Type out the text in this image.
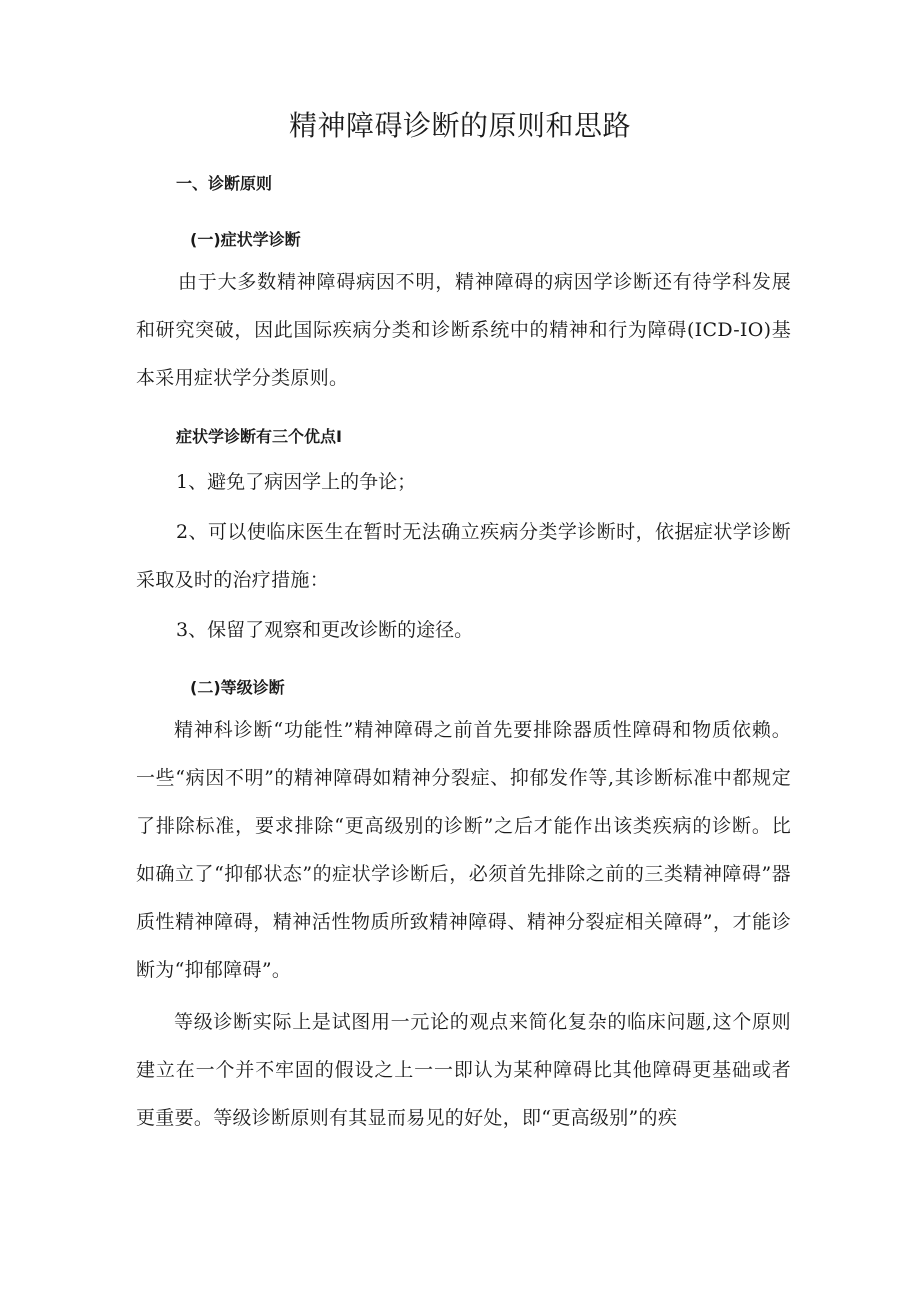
精神障碍诊断的原则和思路
一、诊断原则
(一)症状学诊断

由于大多数精神障碍病因不明，精神障碍的病因学诊断还有待学科发展和研究突破，因此国际疾病分类和诊断系统中的精神和行为障碍(ICD-IO)基本采用症状学分类原则。

症状学诊断有三个优点I
1、避免了病因学上的争论；

2、可以使临床医生在暂时无法确立疾病分类学诊断时，依据症状学诊断采取及时的治疗措施：

3、保留了观察和更改诊断的途径。
(二)等级诊断

精神科诊断“功能性”精神障碍之前首先要排除器质性障碍和物质依赖。一些“病因不明”的精神障碍如精神分裂症、抑郁发作等,其诊断标准中都规定了排除标准，要求排除“更高级别的诊断”之后才能作出该类疾病的诊断。比如确立了“抑郁状态”的症状学诊断后，必须首先排除之前的三类精神障碍”器质性精神障碍，精神活性物质所致精神障碍、精神分裂症相关障碍”，才能诊断为“抑郁障碍”。

等级诊断实际上是试图用一元论的观点来简化复杂的临床问题,这个原则建立在一个并不牢固的假设之上一一即认为某种障碍比其他障碍更基础或者更重要。等级诊断原则有其显而易见的好处，即“更高级别”的疾
